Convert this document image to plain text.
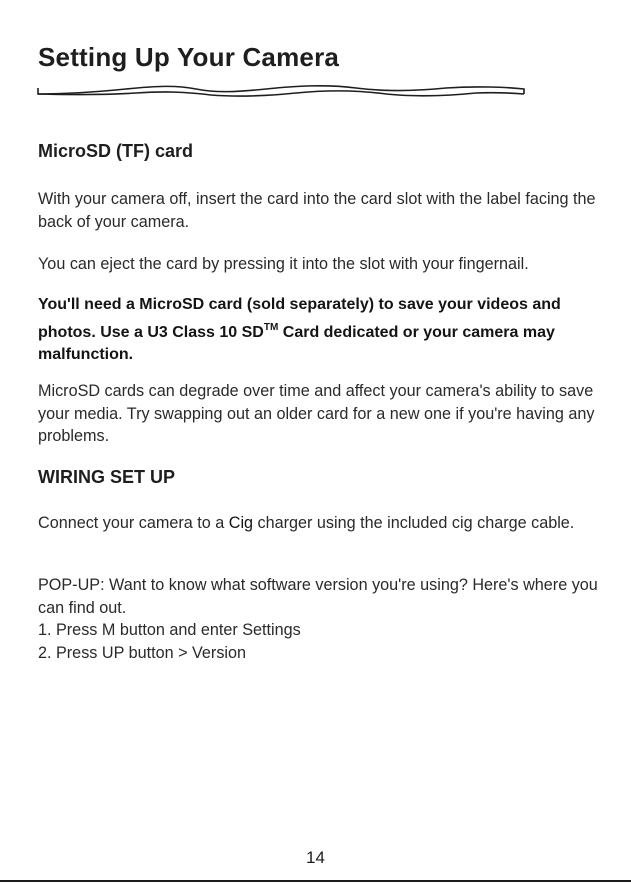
Setting Up Your Camera
MicroSD (TF) card

With your camera off, insert the card into the card slot with the label facing the back of your camera.

You can eject the card by pressing it into the slot with your fingernail.

You'll need a MicroSD card (sold separately) to save your videos and photos. Use a U3 Class 10 SD™ Card dedicated or your camera may malfunction.

MicroSD cards can degrade over time and affect your camera's ability to save your media. Try swapping out an older card for a new one if you're having any problems.

WIRING SET UP

Connect your camera to a Cig charger using the included cig charge cable.

POP-UP: Want to know what software version you're using? Here's where you can find out.
1. Press M button and enter Settings
2. Press UP button > Version
14
